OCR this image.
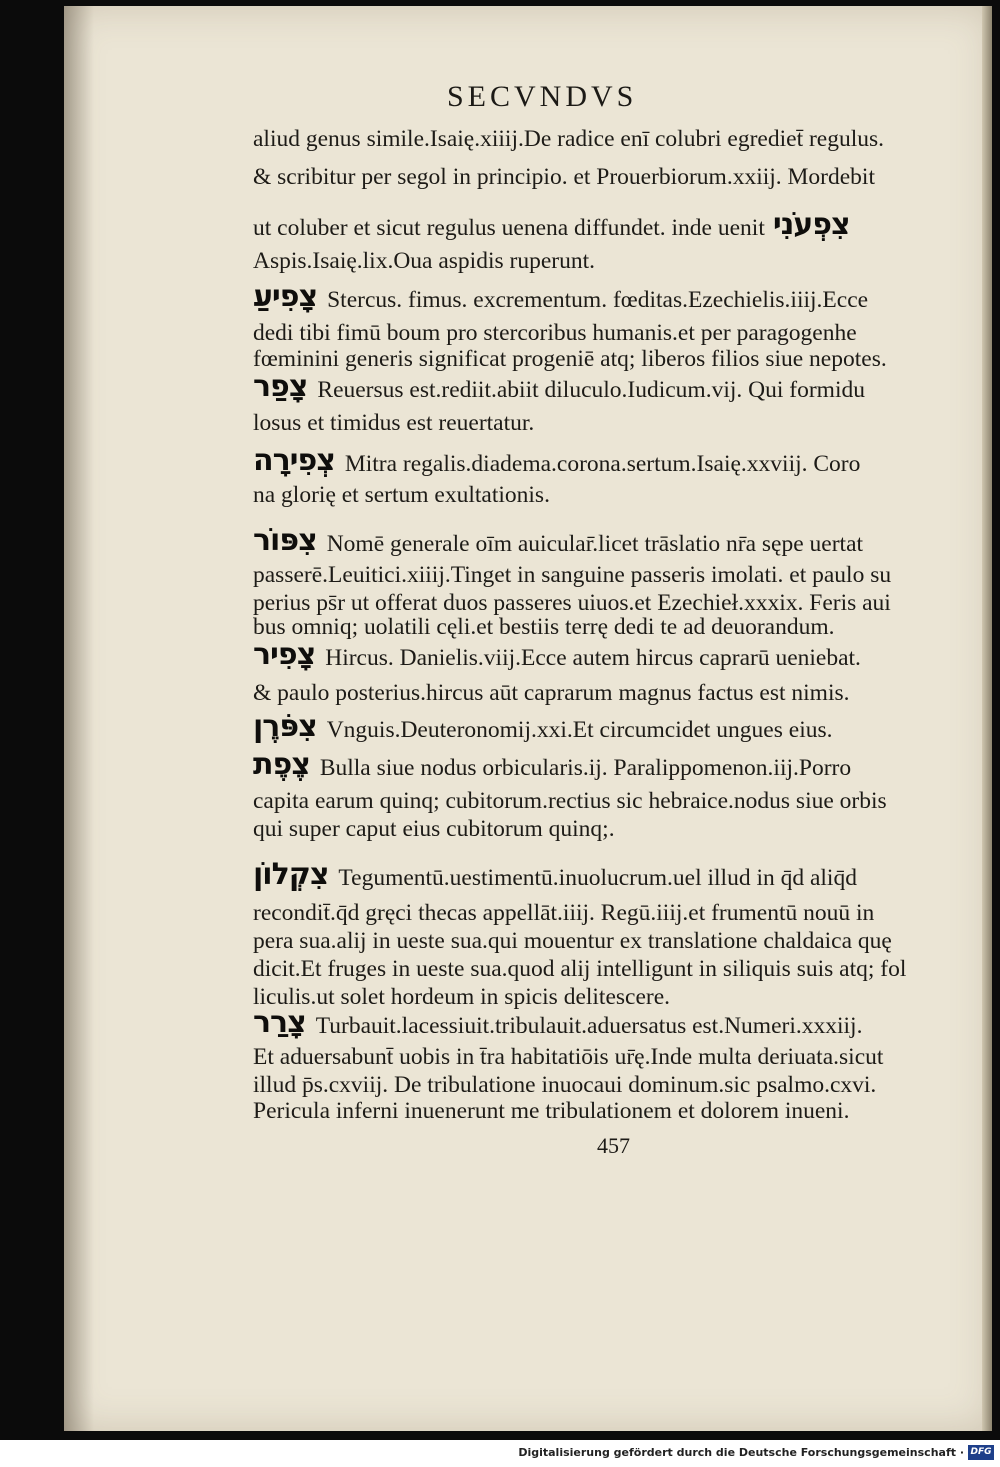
SECVNDVS
aliud genus simile.Isaię.xiiij.De radice enī colubri egrediet̄ regulus.
& scribitur per segol in principio. et Prouerbiorum.xxiij. Mordebit
ut coluber et sicut regulus uenena diffundet. inde uenit צִפְעֹנִי
Aspis.Isaię.lix.Oua aspidis ruperunt.
צָפִיעַ Stercus. fimus. excrementum. fœditas.Ezechielis.iiij.Ecce
dedi tibi fimū boum pro stercoribus humanis.et per paragogenhe
fœminini generis significat progeniē atq; liberos filios siue nepotes.
צָפַר Reuersus est.rediit.abiit diluculo.Iudicum.vij. Qui formidu
losus et timidus est reuertatur.
צְפִירָה Mitra regalis.diadema.corona.sertum.Isaię.xxviij. Coro
na glorię et sertum exultationis.
צִפּוֹר Nomē generale oīm auicular̄.licet trāslatio nr̄a sępe uertat
passerē.Leuitici.xiiij.Tinget in sanguine passeris imolati. et paulo su
perius ps̄r ut offerat duos passeres uiuos.et Ezechieł.xxxix. Feris aui
bus omniq; uolatili cęli.et bestiis terrę dedi te ad deuorandum.
צָפִיר Hircus. Danielis.viij.Ecce autem hircus caprarū ueniebat.
& paulo posterius.hircus aūt caprarum magnus factus est nimis.
צִפֹּרֶן Vnguis.Deuteronomij.xxi.Et circumcidet ungues eius.
צֶפֶת Bulla siue nodus orbicularis.ij. Paralippomenon.iij.Porro
capita earum quinq; cubitorum.rectius sic hebraice.nodus siue orbis
qui super caput eius cubitorum quinq;.
צִקְלוֹן Tegumentū.uestimentū.inuolucrum.uel illud in q̄d aliq̄d
recondit̄.q̄d gręci thecas appellāt.iiij. Regū.iiij.et frumentū nouū in
pera sua.aliј in ueste sua.qui mouentur ex translatione chaldaica quę
dicit.Et fruges in ueste sua.quod aliј intelligunt in siliquis suis atq; fol
liculis.ut solet hordeum in spicis delitescere.
צָרַר Turbauit.lacessiuit.tribulauit.aduersatus est.Numeri.xxxiij.
Et aduersabunt̄ uobis in t̄ra habitatiōis ur̄ę.Inde multa deriuata.sicut
illud p̄s.cxviij. De tribulatione inuocaui dominum.sic psalmo.cxvi.
Pericula inferni inuenerunt me tribulationem et dolorem inueni.
457
Digitalisierung gefördert durch die Deutsche Forschungsgemeinschaft · DFG
